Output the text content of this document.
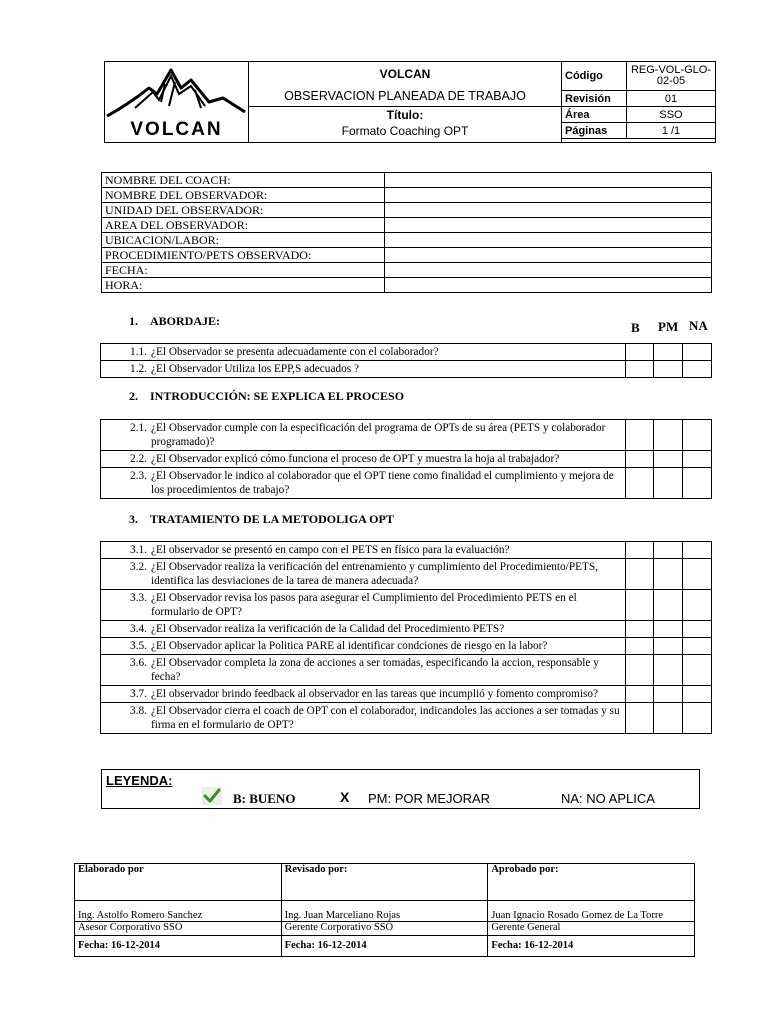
VOLCAN
VOLCAN
OBSERVACION PLANEADA DE TRABAJO
Título:
Formato Coaching OPT
Código	REG-VOL-GLO-02-05
Revisión	01
Área	SSO
Páginas	1 /1
NOMBRE DEL COACH:	
NOMBRE DEL OBSERVADOR:	
UNIDAD DEL OBSERVADOR:	
AREA DEL OBSERVADOR:	
UBICACION/LABOR:	
PROCEDIMIENTO/PETS OBSERVADO:	
FECHA:	
HORA:	
1. ABORDAJE:	B PM NA
1.1. ¿El Observador se presenta adecuadamente con el colaborador?			

1.2. ¿El Observador Utiliza los EPP,S adecuados ?			

2. INTRODUCCIÓN: SE EXPLICA EL PROCESO
2.1. ¿El Observador cumple con la especificación del programa de OPTs de su área (PETS y colaborador programado)?			

2.2. ¿El Observador explicó cómo funciona el proceso de OPT y muestra la hoja al trabajador?			

2.3. ¿El Observador le indico al colaborador que el OPT tiene como finalidad el cumplimiento y mejora de los procedimientos de trabajo?			

3. TRATAMIENTO DE LA METODOLIGA OPT
3.1. ¿El observador se presentó en campo con el PETS en físico para la evaluación?			

3.2. ¿El Observador realiza la verificación del entrenamiento y cumplimiento del Procedimiento/PETS, identifica las desviaciones de la tarea de manera adecuada?			

3.3. ¿El Observador revisa los pasos para asegurar el Cumplimiento del Procedimiento PETS en el formulario de OPT?			

3.4. ¿El Observador realiza la verificación de la Calidad del Procedimiento PETS?			

3.5. ¿El Observador aplicar la Politica PARE al identificar condciones de riesgo en la labor?			

3.6. ¿El Observador completa la zona de acciones a ser tomadas, especificando la accion, responsable y fecha?			

3.7. ¿El observador brindo feedback al observador en las tareas que incumplió y fomento compromiso?			

3.8. ¿El Observador cierra el coach de OPT con el colaborador, indicandoles las acciones a ser tomadas y su firma en el formulario de OPT?			

LEYENDA:
B: BUENO	X PM: POR MEJORAR	NA: NO APLICA
Elaborado por	Revisado por:	Aprobado por:
Ing. Astolfo Romero Sanchez	Ing. Juan Marceliano Rojas	Juan Ignacio Rosado Gomez de La Torre
Asesor Corporativo SSO	Gerente Corporativo SSO	Gerente General
Fecha: 16-12-2014	Fecha: 16-12-2014	Fecha: 16-12-2014
